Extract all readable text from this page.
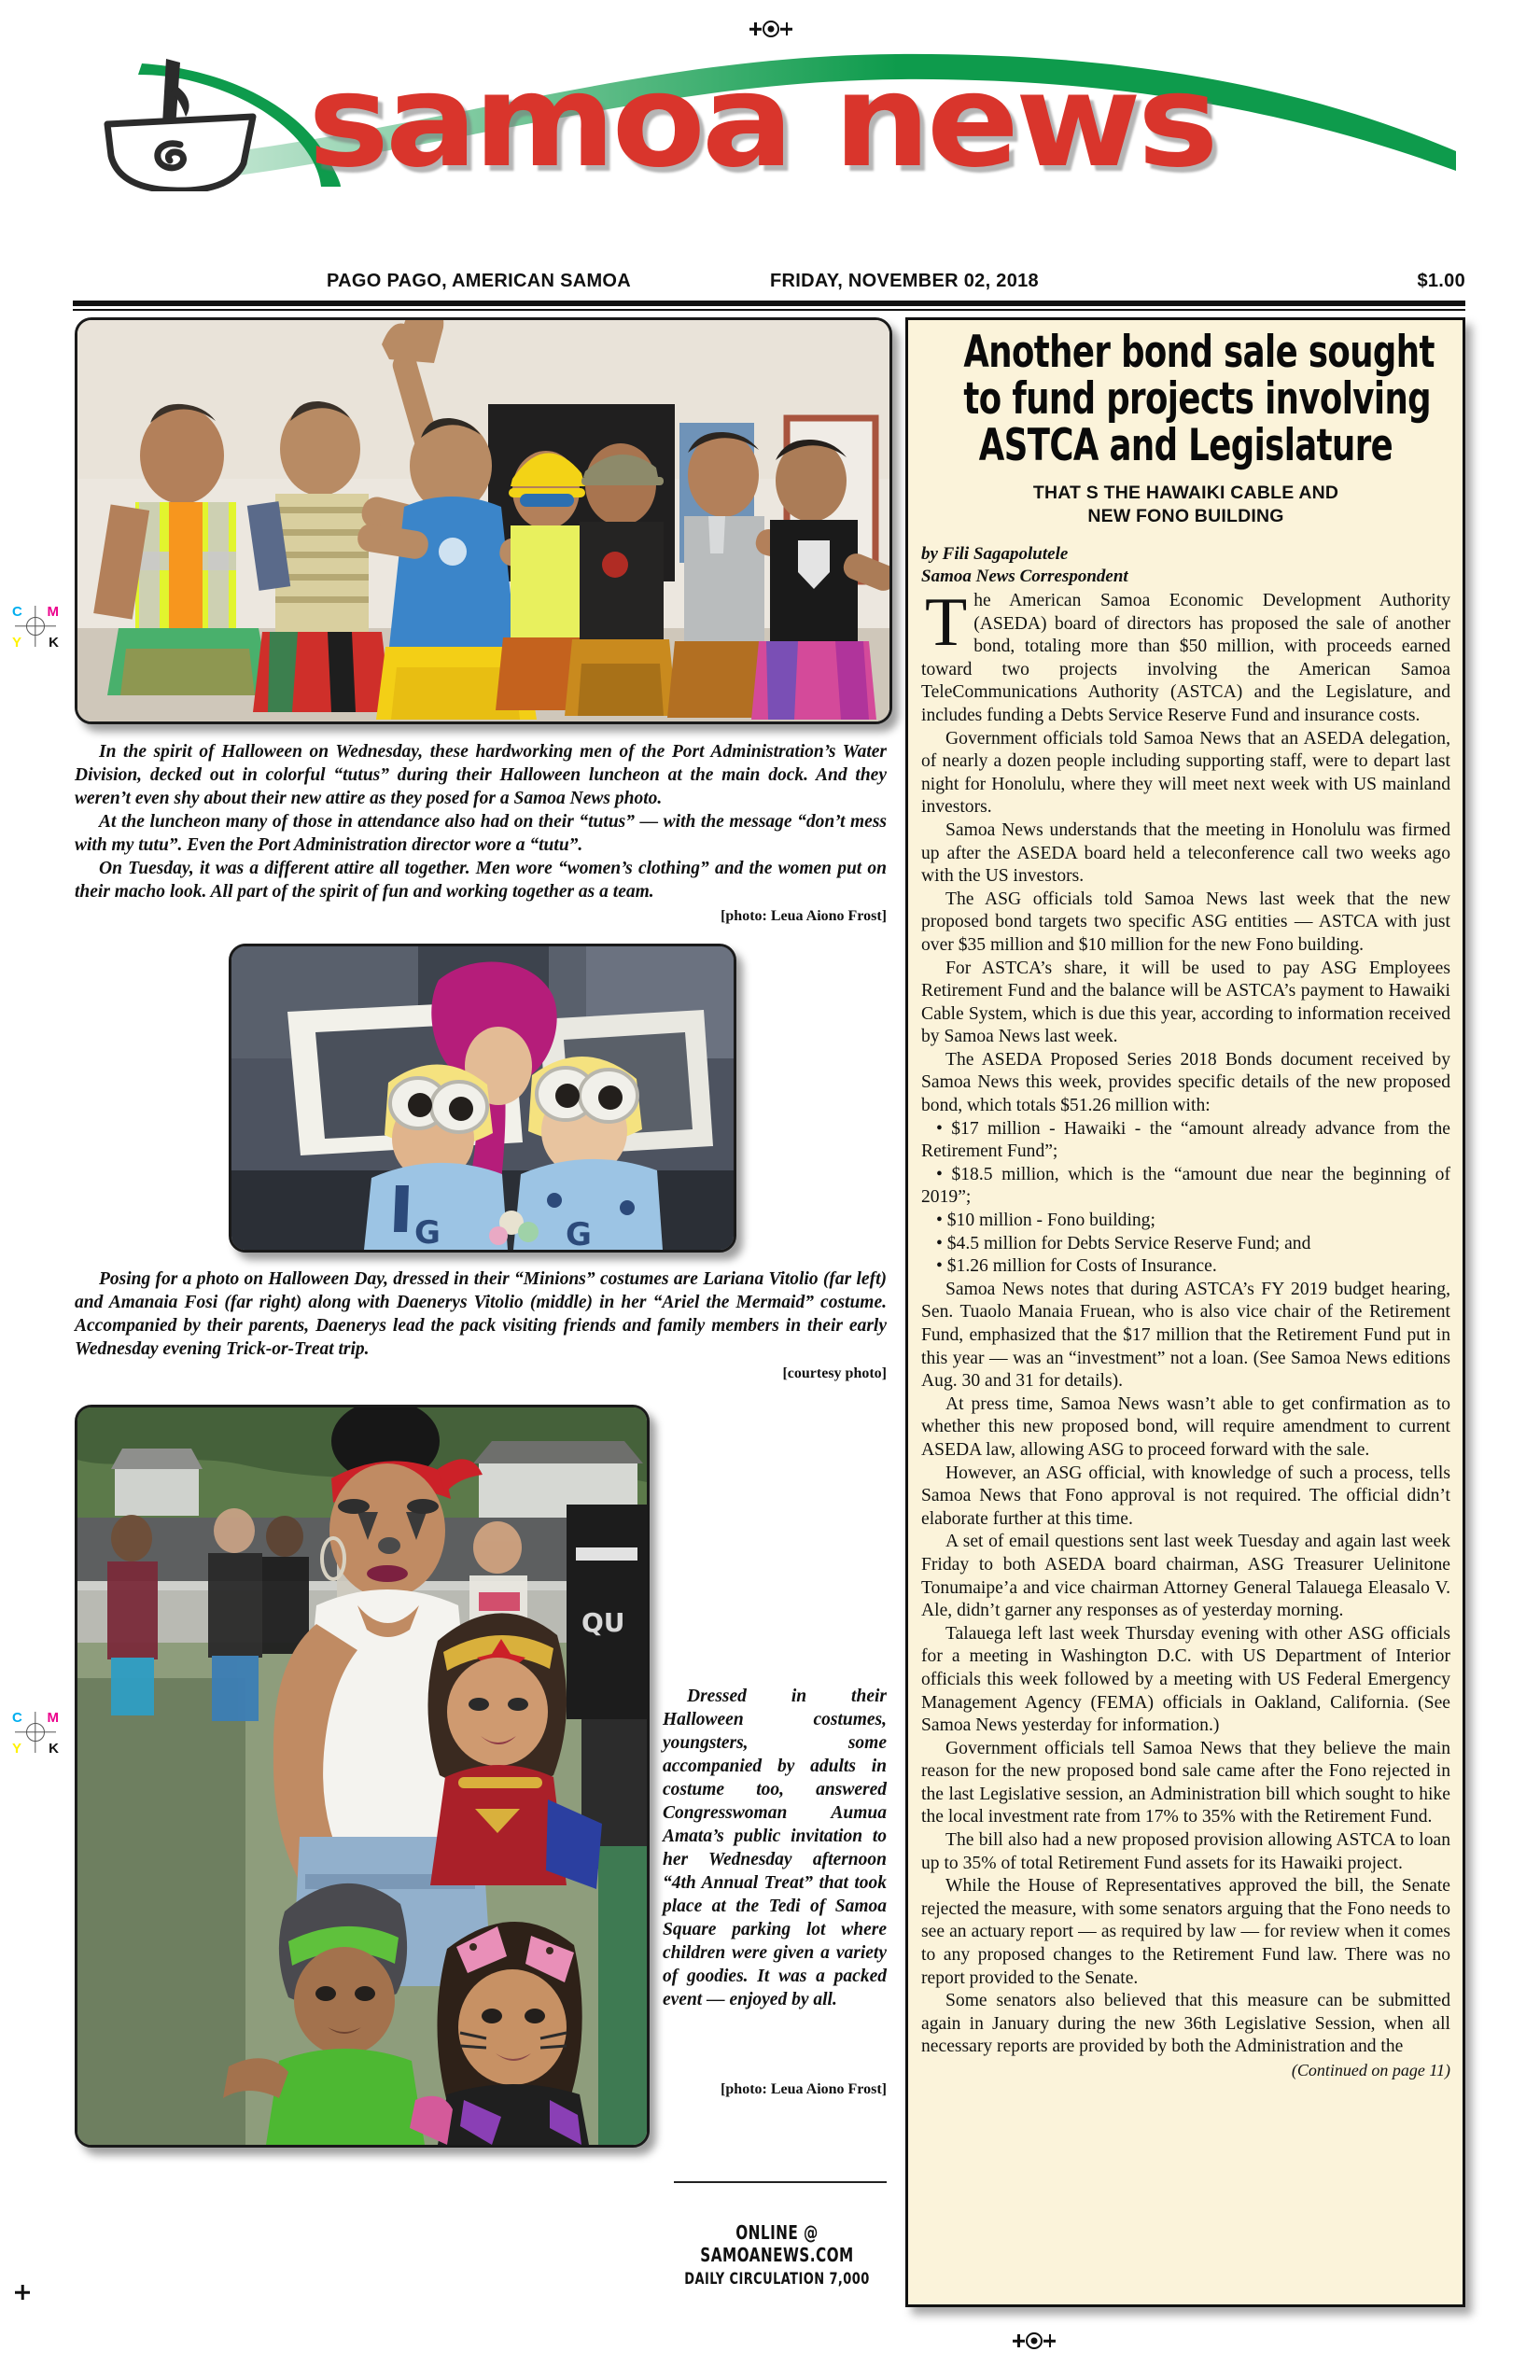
C M
Y K
C M
Y K
samoa news
PAGO PAGO, AMERICAN SAMOA	FRIDAY, NOVEMBER 02, 2018	$1.00

In the spirit of Halloween on Wednesday, these hardworking men of the Port Administration’s Water Division, decked out in colorful “tutus” during their Halloween luncheon at the main dock. And they weren’t even shy about their new attire as they posed for a Samoa News photo.

At the luncheon many of those in attendance also had on their “tutus” — with the message “don’t mess with my tutu”. Even the Port Administration director wore a “tutu”.

On Tuesday, it was a different attire all together. Men wore “women’s clothing” and the women put on their macho look. All part of the spirit of fun and working together as a team.

[photo: Leua Aiono Frost]
G	G

Posing for a photo on Halloween Day, dressed in their “Minions” costumes are Lariana Vitolio (far left) and Amanaia Fosi (far right) along with Daenerys Vitolio (middle) in her “Ariel the Mermaid” costume. Accompanied by their parents, Daenerys lead the pack visiting friends and family members in their early Wednesday evening Trick-or-Treat trip.

[courtesy photo]
QU

Dressed in their Halloween costumes, youngsters, some accompanied by adults in costume too, answered Congresswoman Aumua Amata’s public invitation to her Wednesday afternoon “4th Annual Treat” that took place at the Tedi of Samoa Square parking lot where children were given a variety of goodies. It was a packed event — enjoyed by all.

[photo: Leua Aiono Frost]
ONLINE @ SAMOANEWS.COM
DAILY CIRCULATION 7,000
Another bond sale sought
to fund projects involving
ASTCA and Legislature
THAT S THE HAWAIKI CABLE AND
NEW FONO BUILDING
by Fili Sagapolutele
Samoa News Correspondent

The American Samoa Economic Development Authority (ASEDA) board of directors has proposed the sale of another bond, totaling more than $50 million, with proceeds earned toward two projects involving the American Samoa TeleCommunications Authority (ASTCA) and the Legislature, and includes funding a Debts Service Reserve Fund and insurance costs.

Government officials told Samoa News that an ASEDA delegation, of nearly a dozen people including supporting staff, were to depart last night for Honolulu, where they will meet next week with US mainland investors.

Samoa News understands that the meeting in Honolulu was firmed up after the ASEDA board held a teleconference call two weeks ago with the US investors.

The ASG officials told Samoa News last week that the new proposed bond targets two specific ASG entities — ASTCA with just over $35 million and $10 million for the new Fono building.

For ASTCA’s share, it will be used to pay ASG Employees Retirement Fund and the balance will be ASTCA’s payment to Hawaiki Cable System, which is due this year, according to information received by Samoa News last week.

The ASEDA Proposed Series 2018 Bonds document received by Samoa News this week, provides specific details of the new proposed bond, which totals $51.26 million with:

• $17 million - Hawaiki - the “amount already advance from the Retirement Fund”;

• $18.5 million, which is the “amount due near the beginning of 2019”;

• $10 million - Fono building;

• $4.5 million for Debts Service Reserve Fund; and

• $1.26 million for Costs of Insurance.

Samoa News notes that during ASTCA’s FY 2019 budget hearing, Sen. Tuaolo Manaia Fruean, who is also vice chair of the Retirement Fund, emphasized that the $17 million that the Retirement Fund put in this year — was an “investment” not a loan. (See Samoa News editions Aug. 30 and 31 for details).

At press time, Samoa News wasn’t able to get confirmation as to whether this new proposed bond, will require amendment to current ASEDA law, allowing ASG to proceed forward with the sale.

However, an ASG official, with knowledge of such a process, tells Samoa News that Fono approval is not required. The official didn’t elaborate further at this time.

A set of email questions sent last week Tuesday and again last week Friday to both ASEDA board chairman, ASG Treasurer Uelinitone Tonumaipe’a and vice chairman Attorney General Talauega Eleasalo V. Ale, didn’t garner any responses as of yesterday morning.

Talauega left last week Thursday evening with other ASG officials for a meeting in Washington D.C. with US Department of Interior officials this week followed by a meeting with US Federal Emergency Management Agency (FEMA) officials in Oakland, California. (See Samoa News yesterday for information.)

Government officials tell Samoa News that they believe the main reason for the new proposed bond sale came after the Fono rejected in the last Legislative session, an Administration bill which sought to hike the local investment rate from 17% to 35% with the Retirement Fund.

The bill also had a new proposed provision allowing ASTCA to loan up to 35% of total Retirement Fund assets for its Hawaiki project.

While the House of Representatives approved the bill, the Senate rejected the measure, with some senators arguing that the Fono needs to see an actuary report — as required by law — for review when it comes to any proposed changes to the Retirement Fund law. There was no report provided to the Senate.

Some senators also believed that this measure can be submitted again in January during the new 36th Legislative Session, when all necessary reports are provided by both the Administration and the

(Continued on page 11)
